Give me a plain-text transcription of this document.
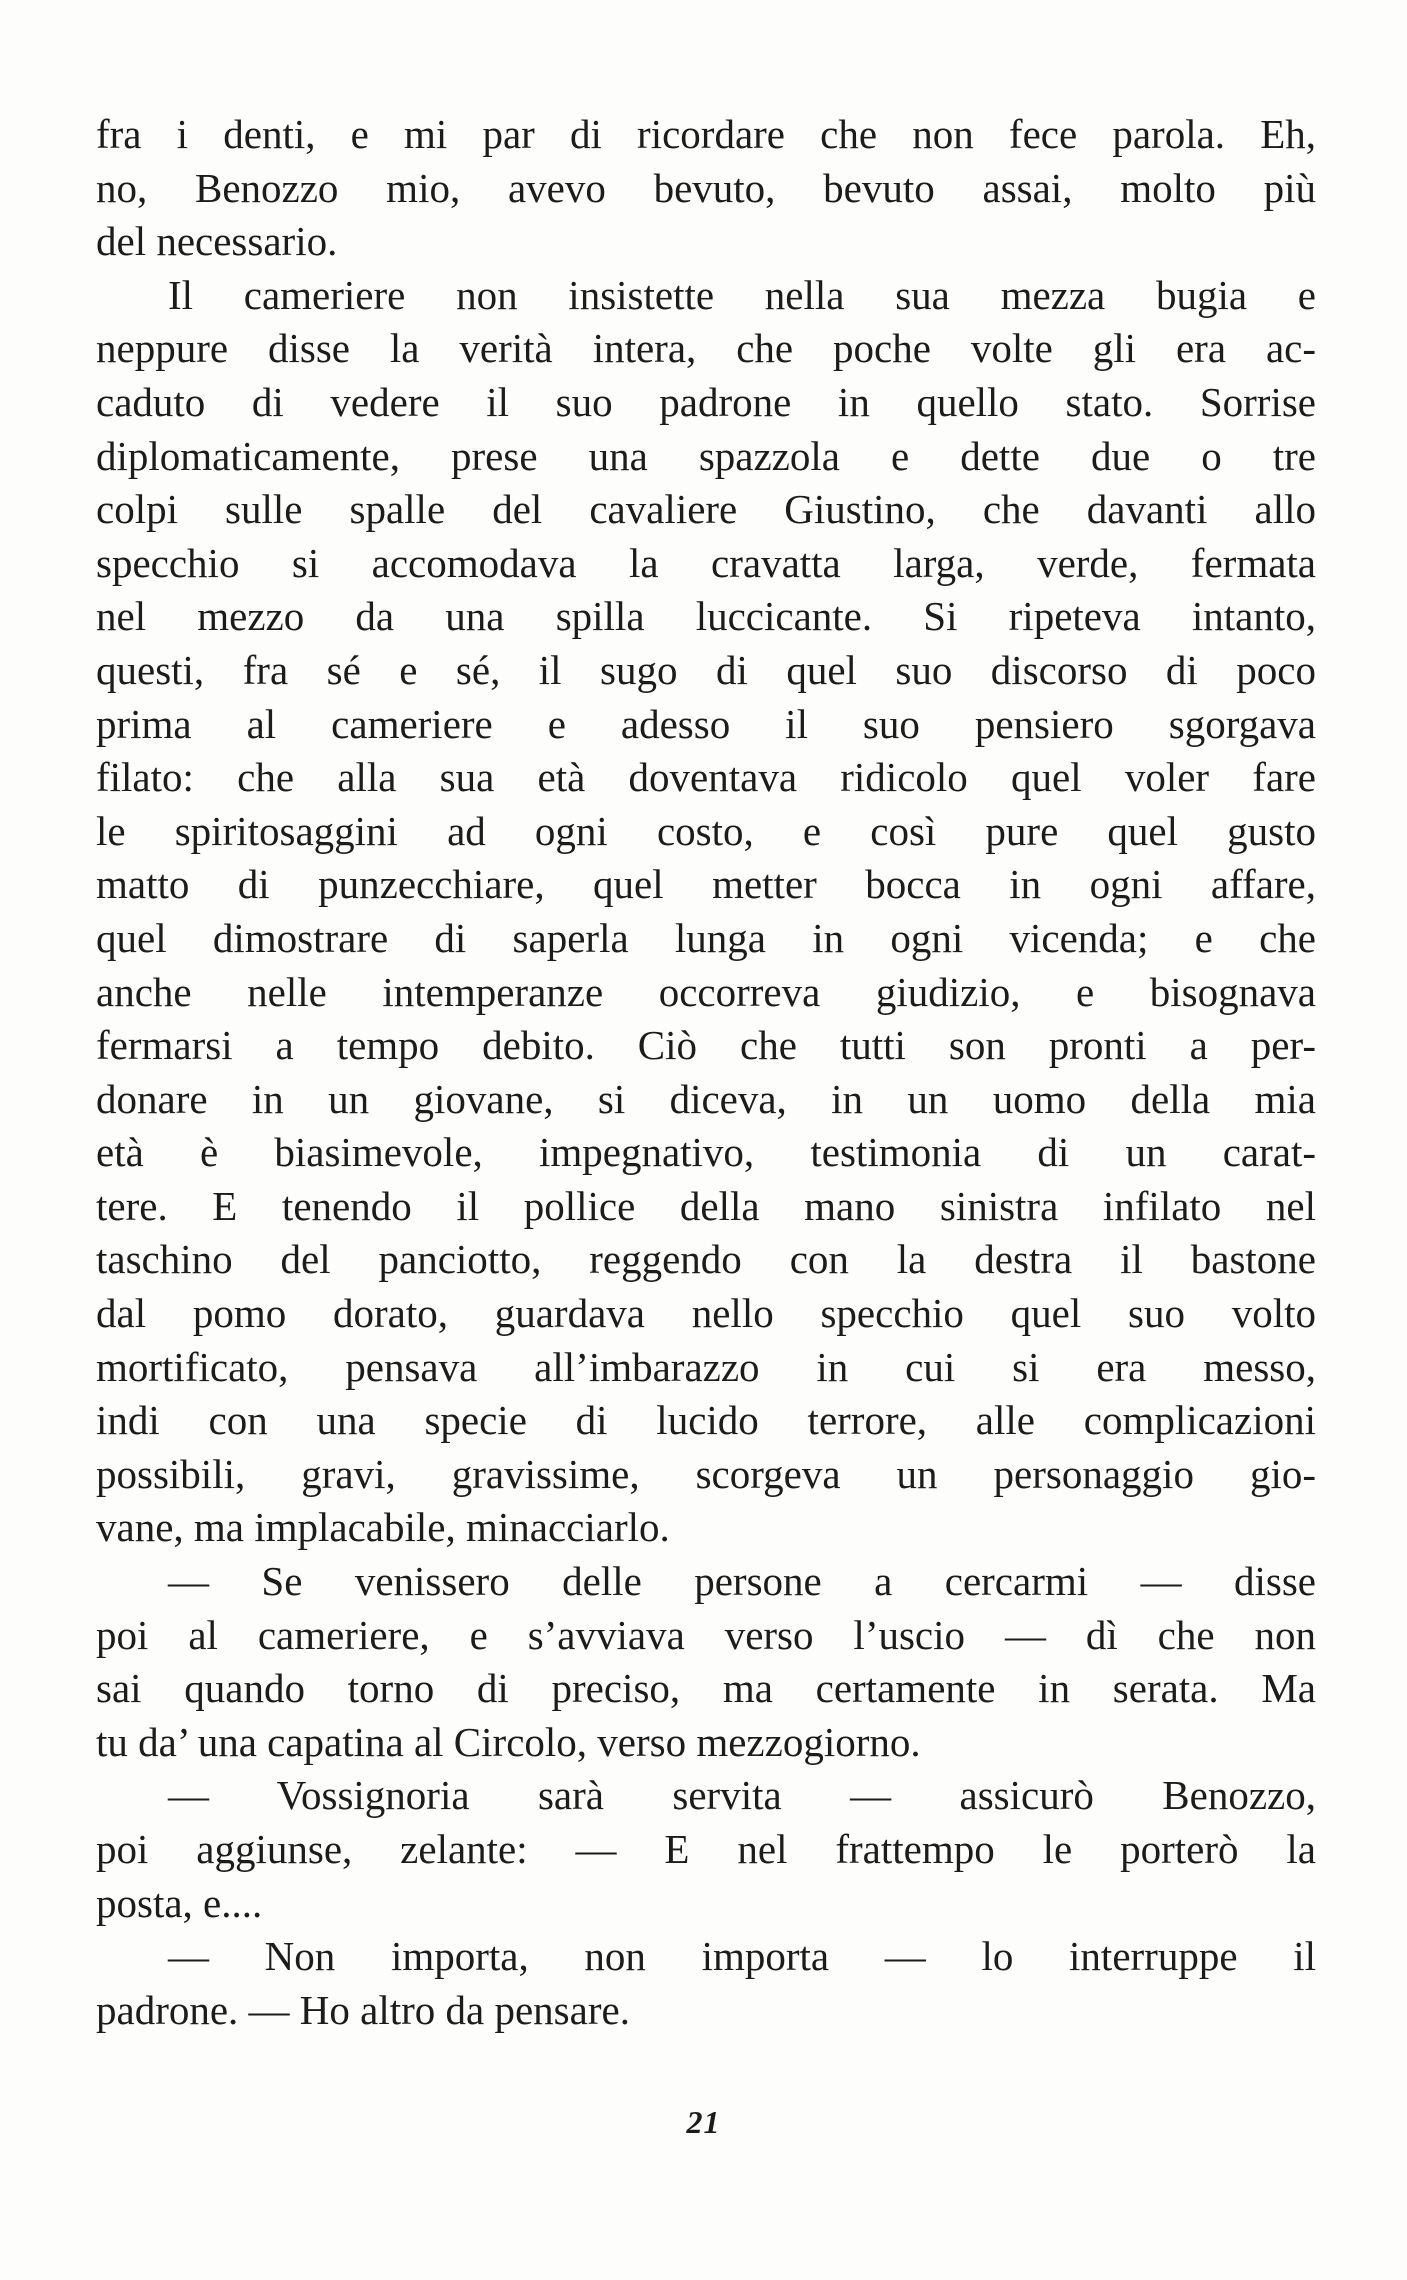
fra i denti, e mi par di ricordare che non fece parola. Eh,
no, Benozzo mio, avevo bevuto, bevuto assai, molto più
del necessario.
Il cameriere non insistette nella sua mezza bugia e
neppure disse la verità intera, che poche volte gli era ac-
caduto di vedere il suo padrone in quello stato. Sorrise
diplomaticamente, prese una spazzola e dette due o tre
colpi sulle spalle del cavaliere Giustino, che davanti allo
specchio si accomodava la cravatta larga, verde, fermata
nel mezzo da una spilla luccicante. Si ripeteva intanto,
questi, fra sé e sé, il sugo di quel suo discorso di poco
prima al cameriere e adesso il suo pensiero sgorgava
filato: che alla sua età doventava ridicolo quel voler fare
le spiritosaggini ad ogni costo, e così pure quel gusto
matto di punzecchiare, quel metter bocca in ogni affare,
quel dimostrare di saperla lunga in ogni vicenda; e che
anche nelle intemperanze occorreva giudizio, e bisognava
fermarsi a tempo debito. Ciò che tutti son pronti a per-
donare in un giovane, si diceva, in un uomo della mia
età è biasimevole, impegnativo, testimonia di un carat-
tere. E tenendo il pollice della mano sinistra infilato nel
taschino del panciotto, reggendo con la destra il bastone
dal pomo dorato, guardava nello specchio quel suo volto
mortificato, pensava all’imbarazzo in cui si era messo,
indi con una specie di lucido terrore, alle complicazioni
possibili, gravi, gravissime, scorgeva un personaggio gio-
vane, ma implacabile, minacciarlo.
— Se venissero delle persone a cercarmi — disse
poi al cameriere, e s’avviava verso l’uscio — dì che non
sai quando torno di preciso, ma certamente in serata. Ma
tu da’ una capatina al Circolo, verso mezzogiorno.
— Vossignoria sarà servita — assicurò Benozzo,
poi aggiunse, zelante: — E nel frattempo le porterò la
posta, e....
— Non importa, non importa — lo interruppe il
padrone. — Ho altro da pensare.
21
